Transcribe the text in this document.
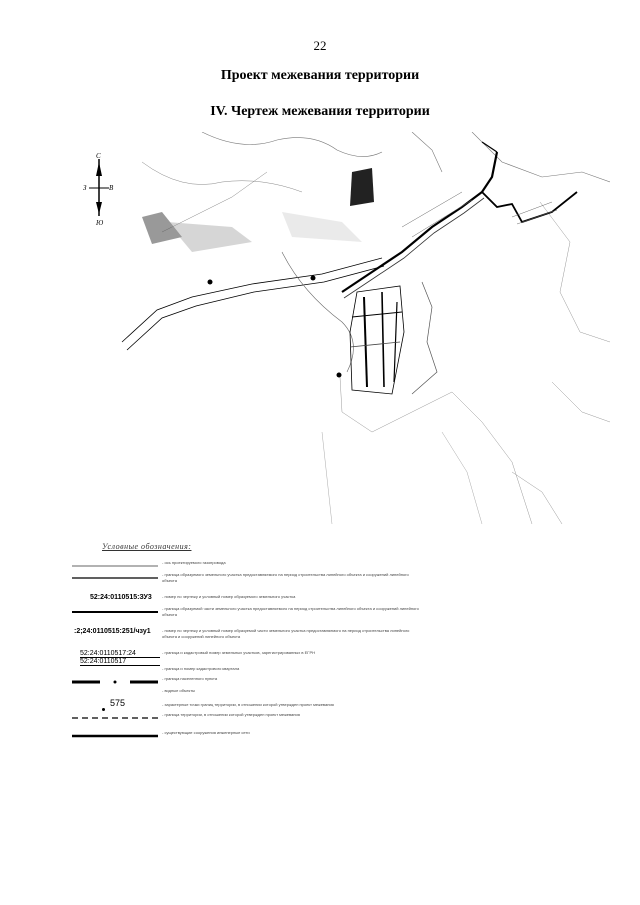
22
Проект межевания территории
IV. Чертеж межевания территории
С
Ю
З	В
Условные обозначения:
- ось проектируемого газопровода
- граница образуемого земельного участка предоставляемого на период строительства линейного объекта и сооружений линейного объекта
52:24:0110515:ЗУ3	- номер по чертежу и условный номер образуемого земельного участка
- граница образуемой части земельного участка предоставляемого на период строительства линейного объекта и сооружений линейного объекта
:2;24:0110515:251/чзу1	- номер по чертежу и условный номер образуемой части земельного участка предоставляемого на период строительства линейного объекта и сооружений линейного объекта
52:24:0110517:24
52:24:0110517
- граница и кадастровый номер земельных участков, зарегистрированных в ЕГРН
- граница и номер кадастрового квартала
- граница населенного пункта
- водные объекты
575	- характерные точки границ территории, в отношении которой утвержден проект межевания
- граница территории, в отношении которой утвержден проект межевания
- существующие сооружения инженерные сети
